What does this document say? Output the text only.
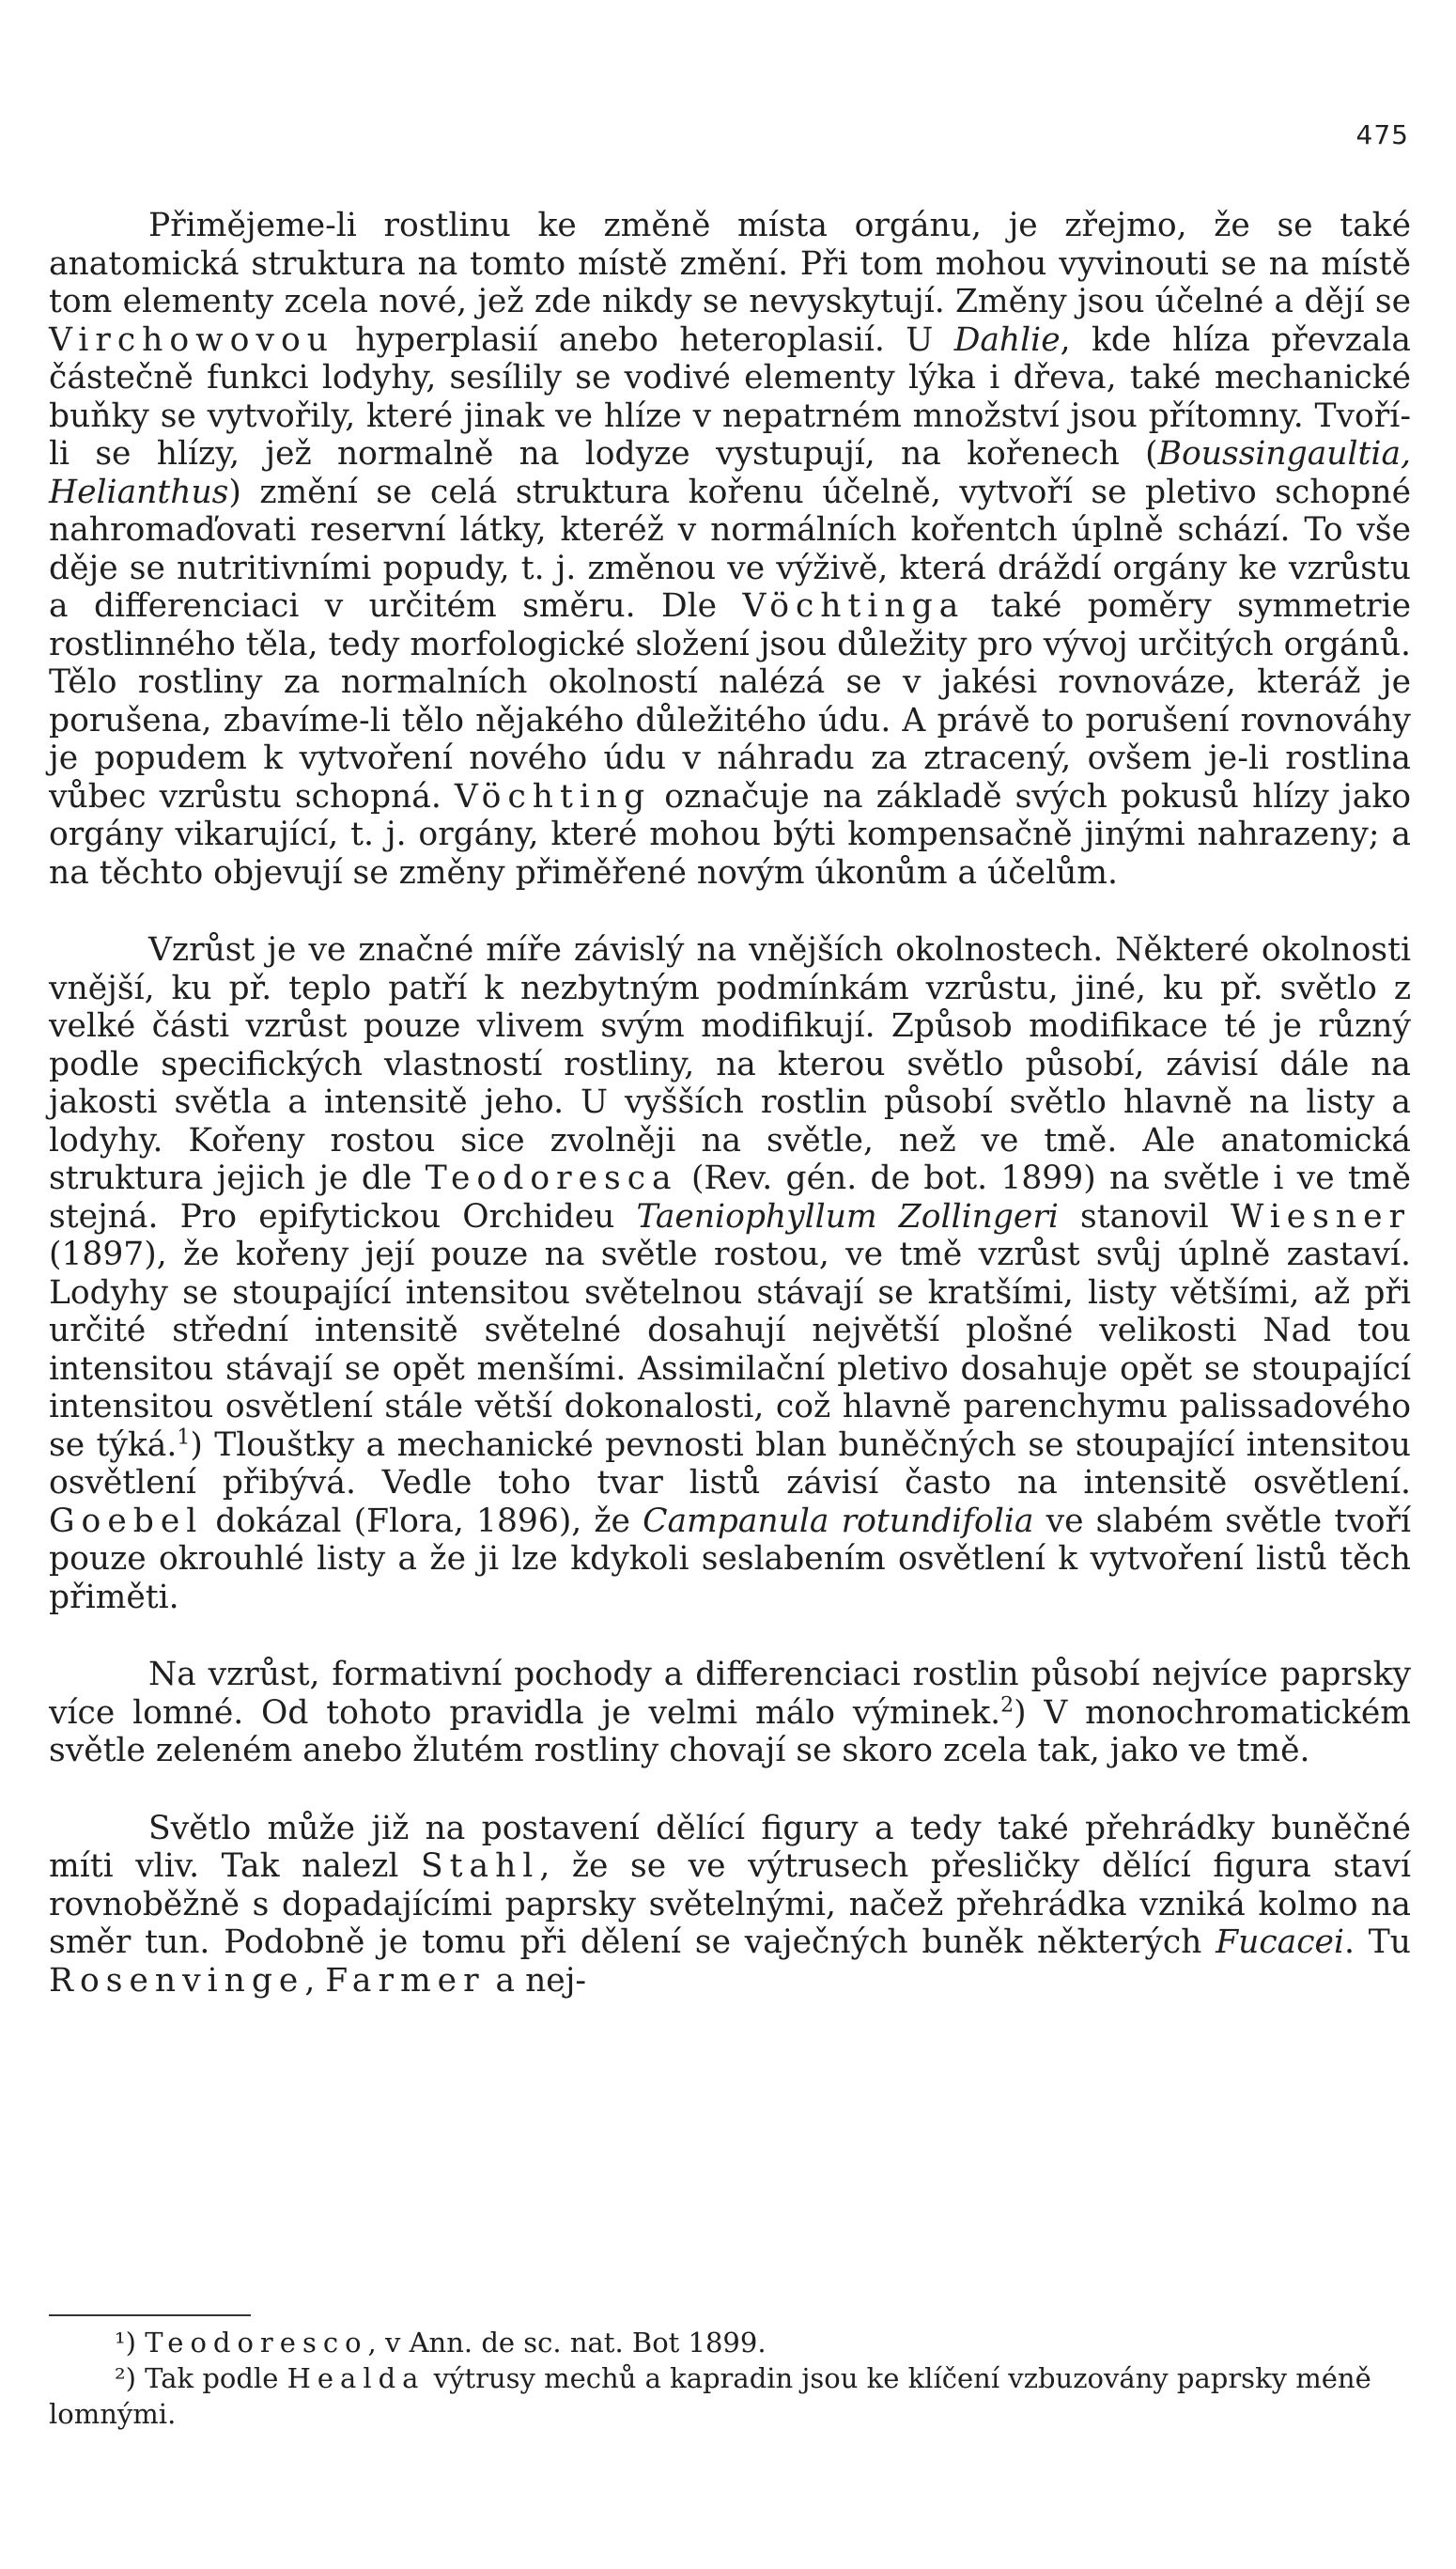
475

Přimějeme-li rostlinu ke změně místa orgánu, je zřejmo, že se také anatomická struktura na tomto místě změní. Při tom mohou vyvinouti se na místě tom elementy zcela nové, jež zde nikdy se nevyskytují. Změny jsou účelné a dějí se Virchowovou hyperplasií anebo heteroplasií. U Dahlie, kde hlíza převzala částečně funkci lodyhy, sesílily se vodivé elementy lýka i dřeva, také mechanické buňky se vytvořily, které jinak ve hlíze v nepatrném množství jsou přítomny. Tvoří-li se hlízy, jež normalně na lodyze vystupují, na kořenech (Boussingaultia, Helianthus) změní se celá struktura kořenu účelně, vytvoří se pletivo schopné nahromaďovati reservní látky, kteréž v normálních kořentch úplně schází. To vše děje se nutritivními popudy, t. j. změnou ve výživě, která dráždí orgány ke vzrůstu a differenciaci v určitém směru. Dle Vöchtinga také poměry symmetrie rostlinného těla, tedy morfologické složení jsou důležity pro vývoj určitých orgánů. Tělo rostliny za normalních okolností nalézá se v jakési rovnováze, kteráž je porušena, zbavíme-li tělo nějakého důležitého údu. A právě to porušení rovnováhy je popudem k vytvoření nového údu v náhradu za ztracený, ovšem je-li rostlina vůbec vzrůstu schopná. Vöchting označuje na základě svých pokusů hlízy jako orgány vikarující, t. j. orgány, které mohou býti kompensačně jinými nahrazeny; a na těchto objevují se změny přiměřené novým úkonům a účelům.

Vzrůst je ve značné míře závislý na vnějších okolnostech. Některé okolnosti vnější, ku př. teplo patří k nezbytným podmínkám vzrůstu, jiné, ku př. světlo z velké části vzrůst pouze vlivem svým modifikují. Způsob modifikace té je různý podle specifických vlastností rostliny, na kterou světlo působí, závisí dále na jakosti světla a intensitě jeho. U vyšších rostlin působí světlo hlavně na listy a lodyhy. Kořeny rostou sice zvolněji na světle, než ve tmě. Ale anatomická struktura jejich je dle Teodoresca (Rev. gén. de bot. 1899) na světle i ve tmě stejná. Pro epifytickou Orchideu Taeniophyllum Zollingeri stanovil Wiesner (1897), že kořeny její pouze na světle rostou, ve tmě vzrůst svůj úplně zastaví. Lodyhy se stoupající intensitou světelnou stávají se kratšími, listy většími, až při určité střední intensitě světelné dosahují největší plošné velikosti Nad tou intensitou stávají se opět menšími. Assimilační pletivo dosahuje opět se stoupající intensitou osvětlení stále větší dokonalosti, což hlavně parenchymu palissadového se týká.$^1$) Tlouštky a mechanické pevnosti blan buněčných se stoupající intensitou osvětlení přibývá. Vedle toho tvar listů závisí často na intensitě osvětlení. Goebel dokázal (Flora, 1896), že Campanula rotundifolia ve slabém světle tvoří pouze okrouhlé listy a že ji lze kdykoli seslabením osvětlení k vytvoření listů těch přiměti.

Na vzrůst, formativní pochody a differenciaci rostlin působí nejvíce paprsky více lomné. Od tohoto pravidla je velmi málo výminek.$^2$) V monochromatickém světle zeleném anebo žlutém rostliny chovají se skoro zcela tak, jako ve tmě.

Světlo může již na postavení dělící figury a tedy také přehrádky buněčné míti vliv. Tak nalezl Stahl, že se ve výtrusech přesličky dělící figura staví rovnoběžně s dopadajícími paprsky světelnými, načež přehrádka vzniká kolmo na směr tun. Podobně je tomu při dělení se vaječných buněk některých Fucacei. Tu Rosenvinge, Farmer a nej-

¹) Teodoresco, v Ann. de sc. nat. Bot 1899.

²) Tak podle Healda výtrusy mechů a kapradin jsou ke klíčení vzbuzovány paprsky méně lomnými.
